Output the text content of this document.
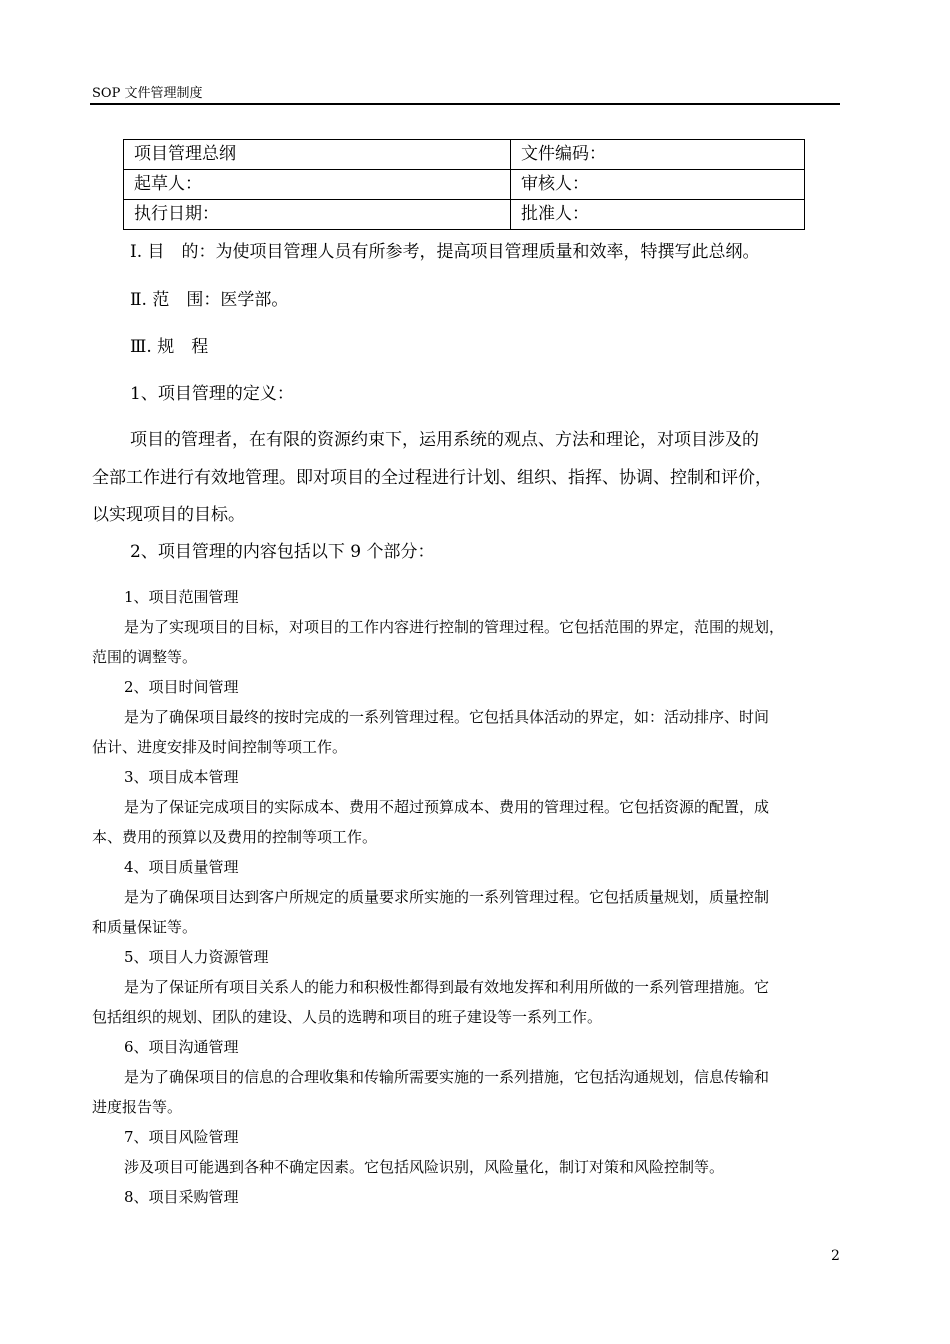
SOP 文件管理制度
项目管理总纲	文件编码：
起草人：	审核人：
执行日期：	批准人：
Ⅰ. 目　的：为使项目管理人员有所参考，提高项目管理质量和效率，特撰写此总纲。
Ⅱ. 范　围：医学部。
Ⅲ. 规　程
1、项目管理的定义：
项目的管理者，在有限的资源约束下，运用系统的观点、方法和理论，对项目涉及的
全部工作进行有效地管理。即对项目的全过程进行计划、组织、指挥、协调、控制和评价，
以实现项目的目标。
2、项目管理的内容包括以下 9 个部分：
1、项目范围管理
是为了实现项目的目标，对项目的工作内容进行控制的管理过程。它包括范围的界定，范围的规划，
范围的调整等。
2、项目时间管理
是为了确保项目最终的按时完成的一系列管理过程。它包括具体活动的界定，如：活动排序、时间
估计、进度安排及时间控制等项工作。
3、项目成本管理
是为了保证完成项目的实际成本、费用不超过预算成本、费用的管理过程。它包括资源的配置，成
本、费用的预算以及费用的控制等项工作。
4、项目质量管理
是为了确保项目达到客户所规定的质量要求所实施的一系列管理过程。它包括质量规划，质量控制
和质量保证等。
5、项目人力资源管理
是为了保证所有项目关系人的能力和积极性都得到最有效地发挥和利用所做的一系列管理措施。它
包括组织的规划、团队的建设、人员的选聘和项目的班子建设等一系列工作。
6、项目沟通管理
是为了确保项目的信息的合理收集和传输所需要实施的一系列措施，它包括沟通规划，信息传输和
进度报告等。
7、项目风险管理
涉及项目可能遇到各种不确定因素。它包括风险识别，风险量化，制订对策和风险控制等。
8、项目采购管理
2
